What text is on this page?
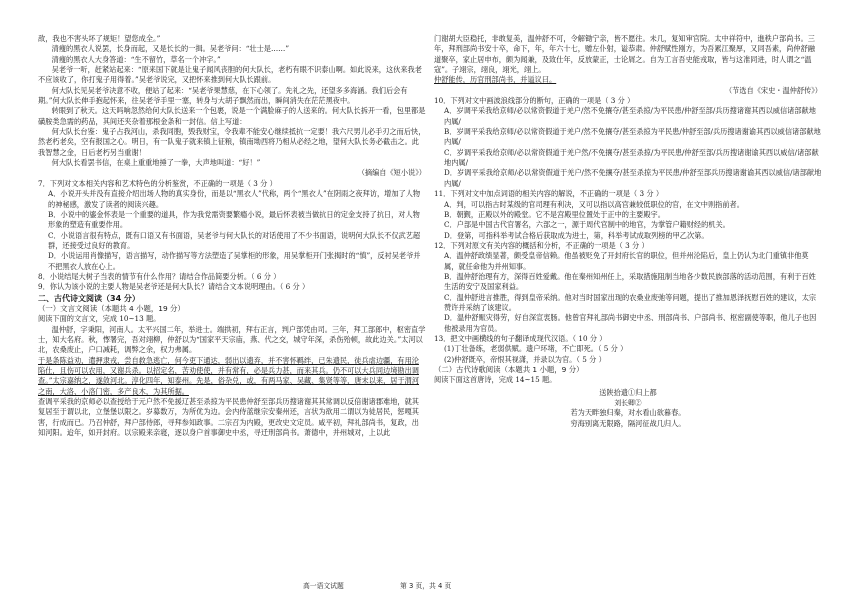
敌，我也不害头坏了规矩！望您成全。”

清瘦的黑衣人说罢，长身而起，又是长长的一揖。吴老爷问：“壮士是……”

清瘦的黑衣人大身答道：“生不留竹，草名一个冲字。”

吴老爷一听，赶紧站起来：“原来国下就是让鬼子闻风丧胆的何大队长，老朽有眼不识泰山啊。如此说来，这伙来我老不应该收了，你打鬼子用得着。”吴老爷说完，又把怀来推到何大队长跟前。

何大队长见吴老爷决意不收，便站了起来：“吴老爷果慧慈，在下心领了。先礼之先，还望多多海涵。我们后会有期。”何大队长伸手抱起怀来，往吴老爷手里一塞，转身与大胡子飘然而出，瞬间消失在茫茫黑夜中。

转眼到了秋天。这天吗响忽然给何大队长送来一个包裹，说是一个满脸麻子的人送来的。何大队长拆开一看，包里都是磺胺类急需的药品，其间还夹杂着那根金条和一封信。信上写道：

何大队长台鉴：鬼子占我河山，杀我同胞，毁我财宝，令我辈不能安心继续抵抗一定要！我六尺男儿必手刃之而后快，然老朽老矣，空有报国之心。明日，有一队鬼子就来镇上征粮，镇南坳西将乃相从必经之地，望何大队长务必截击之。此我智慧之金，日后老朽另当重谢！

何大队长看罢书信，在桌上重重地捶了一拳，大声地叫道：“好！”

（摘编自《短小说》）

7．下列对文本相关内容和艺术特色的分析鉴赏，不正确的一项是（ 3 分 ）

A．小说开头并没有直接介绍出场人物的真实身份，而是以“黑衣人”代称，两个“黑衣人”在阴雨之夜拜访，增加了人物的神秘感，激发了读者的阅读兴趣。

B．小说中的鎏金怀表是一个重要的道具，作为我党需资要繁瘾小说，最后怀表被当做抗日的定金支持了抗日，对人物形象的塑造有重要作用。

C．小说语言很有特点，既有口语又有书面语，吴老爷与何大队长的对话使用了不少书面语，说明何大队长不仅武艺超群，还接受过良好的教育。

D．小说运用肖像描写，语言描写，动作描写等方法塑造了吴掌柜的形象，用吴掌柜开门张揭时的“慎”，反衬吴老爷并不把黑衣人放在心上。

8．小说结尾大树子当表的情节有什么作用？请结合作品简要分析。（ 6 分 ）

9．你认为该小说的主要人物是吴老爷还是何大队长？请结合文本说明理由。（ 6 分 ）

二、古代诗文阅读（34 分）

（一）文言文阅读（本题共 4 小题，19 分）

阅读下面的文言文，完成 10~13 题。

温仲舒，字秉阳，河南人。太平兴国二年，举进士。端拱初，拜右正言，判户部凭由司。三年，拜工部郎中，枢密直学士，知大名府。秋，惸署完，吾对翊柳，仲舒以为“国家平天宗庙，燕、代之交，城守年深，杀伤殆顿，故此边关。”太河以北，农桑废止，户口减耗，调弊之余，权力弗属。

于是条陈益劝，遣押隶戎，尝自救急逃亡，何今吏下通达，弱出以遗弃，并不害怀羁绊，已朱遗民，徒兵虐边疆，有用沦陷仕，且伤可以农用，又谢兵杀。以招定名，苦劝使使，并有常有，必是兵力甚，而来其兵。仍不可以大兵同边境勘出调查。”太宗嘉纳之，遂敛河北。淳化四年，知泰州。先是，俗杂兑，或，有两马家、吴藏、集贤等等，唐末以来，居于渭河之南，大洛、小洛门密，多产良木，为其所据。

查调平采我的京师必以查授给于元户然不免援辽甚至杀掠为平民患仲舒至部兵历搜诸谢其其常调以反倍谢诸郡难地，就其复居至于谓以北，立堡堡以限之。岁募数万，为所优为边。会内侍蓝继宗安秦州还，言状为欲用二谓以为徒居民，惩嘎其害，行成而已。乃召仲舒，拜户部侍郎，寻拜参知政事。二宗召为内殿，更改史文定员。咸平初，拜礼部尚书，复政，出知河阳。迨年，如开封府。以宗殿来亲寝，逐以身户首事御史中丞，寻迁刑部尚书。萧德中，并州城对，上以此

门谢胡大臣稳托，非敢复美，温仲舒不可，令解锄宁亲，皆不愿往。未几，复知审官院。太中祥符中，進秩户部尚书。三年，拜刑部尚书安十卒，命下，年，年六十七，赠左仆射，谥恭肃。仲舒赋性刚方，为吾累江聚厚，又同吾素，尚仲舒融道聚卒，家止居申布，颇为闻兼，及致仕年，反放蒙正，士论屑之。自为工言吾史能戎取，皆与这准同进，时人谓之“温寇”。子翊宗，翊良，翊光，翊上。

仲舒能传，历官刑部尚书，并谥议曰。

（节选自《宋史・温仲舒传》）

10．下列对文中画波浪线部分的断句，正确的一项是（ 3 分 ）

A．岁调平采我给京师/必以常资假道于羌户/然不免攘夺/甚至杀掠/为平民患/仲舒至部/兵历搜诸谢其西以威信诸部献地内属/

B．岁调平采我给京师/必以常资假道于羌户/然不免攘夺/甚至杀掠为平民患/仲舒至部/兵历搜诸谢谕其西以威信诸部献地内属/

C．岁调平采我给京师/必以常资假道于羌户然/不免攘夺/甚至杀掠/为平民患/仲舒至部/兵历搜诸谢谕其西以威信/诸部献地内属/

D．岁调平采我给京师/必以常资假道于羌户/然不免攘夺/甚至杀掠为平民患/仲舒至部兵历搜诸谢谕其西以威信/诸部献地内属/

11．下列对文中加点词语的相关内容的解说，不正确的一项是（ 3 分 ）

A．判，可以指古时某级的官司理有利决，又可以指以高官兼较低职位的官，在文中则指前者。

B．朝觐，正殿以外的殿堂。它不是宫殿里位置处于正中的主要殿宇。

C．户部是中国古代官署名，六部之一，源于周代官制中的地官，为掌管户籍财经的机关。

D．登第，可指科举考试合格后获取成为进士，第，科举考试成取列榜的甲乙次第。

12．下列对原文有关内容的概括和分析，不正确的一项是（ 3 分 ）

A．温仲舒政绩显著，颇受皇帝信赖。他虽被贬免了开封府长官的职位，但并州沦陷后，皇上仍认为北门重镇非他莫属，就任命他为并州知事。

B．温仲舒治理有方，深得百姓爱戴。他在秦州知州任上，采取措施阻制当地各少数民族部落的活动范围，有利于百姓生活的安宁及国家利益。

C．温仲舒进言推胜，得到皇帝采纳。他对当时国家出现的农桑业废弛等问题，提出了推加恩泽抚慰百姓的建议，太宗赞许并采纳了该建议。

D．温仲舒赈灾得劳，好自深宣衷肠。他曾官拜礼部尚书御史中丞、刑部尚书、户部尚书、枢密副使等职，他儿子也因他被录用为官员。

13．把文中画横线的句子翻译成现代汉语。（ 10 分 ）

(1)丁壮备练，老弱供赋。遗户环堵，不亡即死。（ 5 分 ）

(2)仲舒既卒，帝恨其视潇，并录以为官。（ 5 分 ）

（二）古代诗歌阅读（本题共 1 小题，9 分）

阅读下面这首唐诗，完成 14~15 题。

送陕拾遗①归上都

刘长卿②

若为天畔独归秦，对水看山欲暮春。

穷海别离无限路，隔河征战几归人。

高一语文试题	第 3 页，共 4 页
